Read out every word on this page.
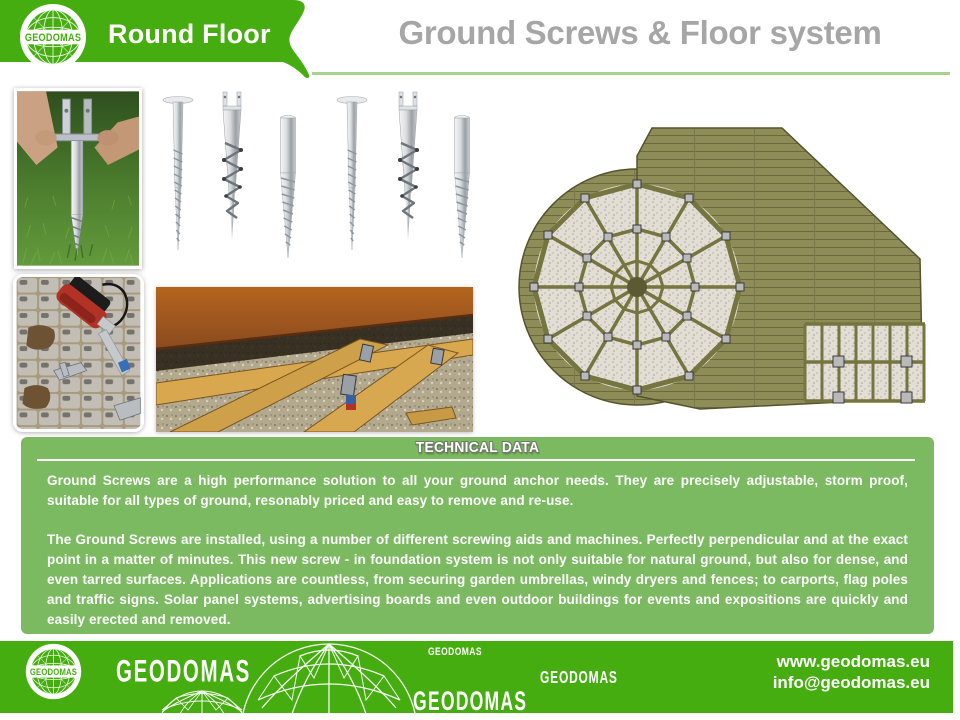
GEODOMAS Round Floor	Ground Screws & Floor system
TECHNICAL DATA

Ground Screws are a high performance solution to all your ground anchor needs. They are precisely adjustable, storm proof, suitable for all types of ground, resonably priced and easy to remove and re-use.

The Ground Screws are installed, using a number of different screwing aids and machines. Perfectly perpendicular and at the exact point in a matter of minutes. This new screw - in foundation system is not only suitable for natural ground, but also for dense, and even tarred surfaces. Applications are countless, from securing garden umbrellas, windy dryers and fences; to carports, flag poles and traffic signs. Solar panel systems, advertising boards and even outdoor buildings for events and expositions are quickly and easily erected and removed.

GEODOMAS GEODOMAS
GEODOMAS
GEODOMAS
GEODOMAS
www.geodomas.eu
info@geodomas.eu
